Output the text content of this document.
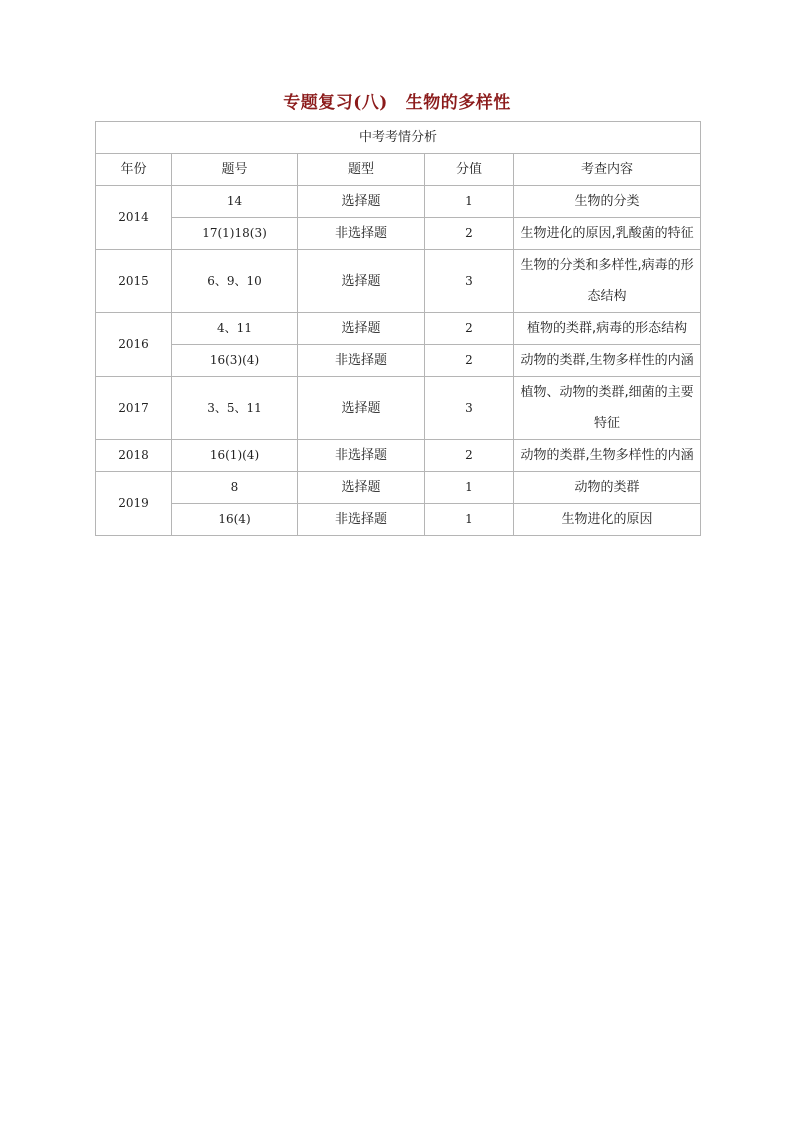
专题复习(八) 生物的多样性
中考考情分析				
年份	题号	题型	分值	考查内容
2014	14	选择题	1	生物的分类
	17(1)18(3)	非选择题	2	生物进化的原因,乳酸菌的特征
2015	6、9、10	选择题	3	生物的分类和多样性,病毒的形态结构
2016	4、11	选择题	2	植物的类群,病毒的形态结构
	16(3)(4)	非选择题	2	动物的类群,生物多样性的内涵
2017	3、5、11	选择题	3	植物、动物的类群,细菌的主要特征
2018	16(1)(4)	非选择题	2	动物的类群,生物多样性的内涵
2019	8	选择题	1	动物的类群
	16(4)	非选择题	1	生物进化的原因
